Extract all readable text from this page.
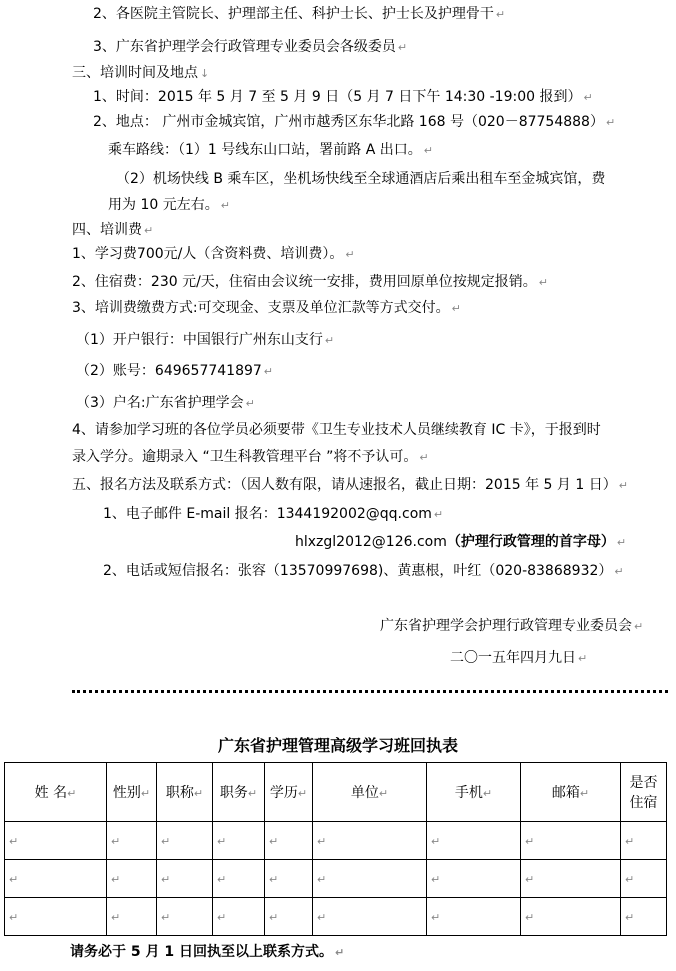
2、各医院主管院长、护理部主任、科护士长、护士长及护理骨干 ↵
3、广东省护理学会行政管理专业委员会各级委员 ↵
三、培训时间及地点 ↓
1、时间：2015 年 5 月 7 至 5 月 9 日（5 月 7 日下午 14:30 -19:00 报到） ↵
2、地点： 广州市金城宾馆，广州市越秀区东华北路 168 号（020－87754888） ↵
乘车路线：（1）1 号线东山口站，署前路 A 出口。 ↵
（2）机场快线 B 乘车区，坐机场快线至全球通酒店后乘出租车至金城宾馆，费
用为 10 元左右。 ↵
四、培训费 ↵
1、学习费700元/人（含资料费、培训费）。 ↵
2、住宿费：230 元/天，住宿由会议统一安排，费用回原单位按规定报销。 ↵
3、培训费缴费方式:可交现金、支票及单位汇款等方式交付。 ↵
（1）开户银行：中国银行广州东山支行 ↵
（2）账号：649657741897 ↵
（3）户名:广东省护理学会 ↵
4、请参加学习班的各位学员必须要带《卫生专业技术人员继续教育 IC 卡》，于报到时
录入学分。逾期录入 “卫生科教管理平台 ”将不予认可。 ↵
五、报名方法及联系方式：（因人数有限，请从速报名，截止日期：2015 年 5 月 1 日） ↵
1、电子邮件 E-mail 报名：1344192002@qq.com ↵
hlxzgl2012@126.com（护理行政管理的首字母） ↵
2、电话或短信报名：张容（13570997698)、黄惠根，叶红（020-83868932） ↵
广东省护理学会护理行政管理专业委员会 ↵
二〇一五年四月九日 ↵
广东省护理管理高级学习班回执表
姓 名↵	性别↵	职称↵	职务↵	学历↵	单位↵	手机↵	邮箱↵	是否住宿
↵	↵	↵	↵	↵	↵	↵	↵	↵
↵	↵	↵	↵	↵	↵	↵	↵	↵
↵	↵	↵	↵	↵	↵	↵	↵	↵
请务必于 5 月 1 日回执至以上联系方式。 ↵
